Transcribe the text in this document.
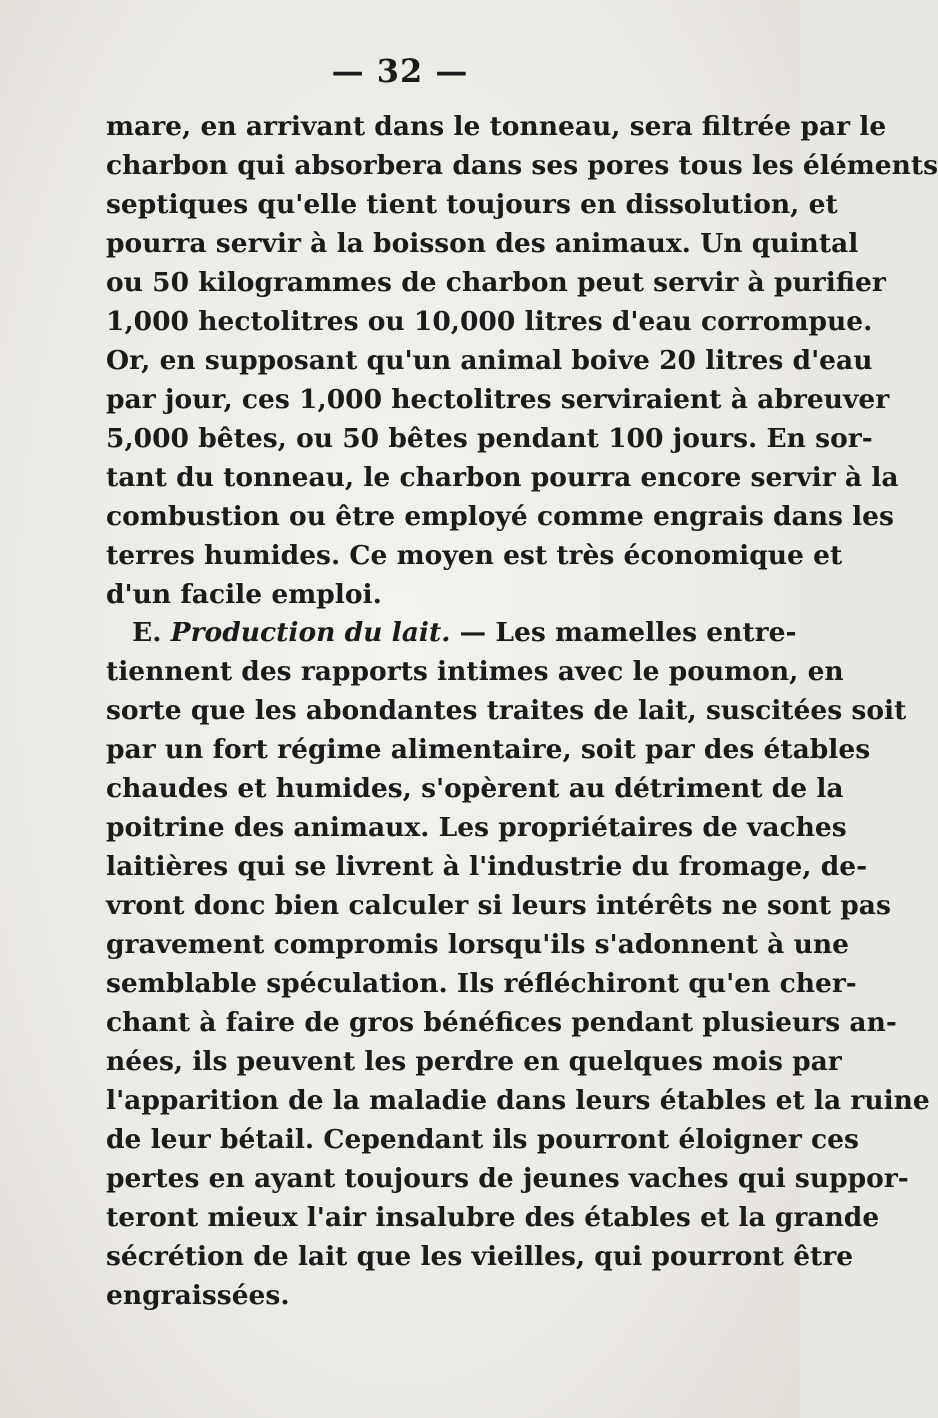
— 32 —
mare, en arrivant dans le tonneau, sera filtrée par le
charbon qui absorbera dans ses pores tous les éléments
septiques qu'elle tient toujours en dissolution, et
pourra servir à la boisson des animaux. Un quintal
ou 50 kilogrammes de charbon peut servir à purifier
1,000 hectolitres ou 10,000 litres d'eau corrompue.
Or, en supposant qu'un animal boive 20 litres d'eau
par jour, ces 1,000 hectolitres serviraient à abreuver
5,000 bêtes, ou 50 bêtes pendant 100 jours. En sor-
tant du tonneau, le charbon pourra encore servir à la
combustion ou être employé comme engrais dans les
terres humides. Ce moyen est très économique et
d'un facile emploi.
E. Production du lait. — Les mamelles entre-
tiennent des rapports intimes avec le poumon, en
sorte que les abondantes traites de lait, suscitées soit
par un fort régime alimentaire, soit par des étables
chaudes et humides, s'opèrent au détriment de la
poitrine des animaux. Les propriétaires de vaches
laitières qui se livrent à l'industrie du fromage, de-
vront donc bien calculer si leurs intérêts ne sont pas
gravement compromis lorsqu'ils s'adonnent à une
semblable spéculation. Ils réfléchiront qu'en cher-
chant à faire de gros bénéfices pendant plusieurs an-
nées, ils peuvent les perdre en quelques mois par
l'apparition de la maladie dans leurs étables et la ruine
de leur bétail. Cependant ils pourront éloigner ces
pertes en ayant toujours de jeunes vaches qui suppor-
teront mieux l'air insalubre des étables et la grande
sécrétion de lait que les vieilles, qui pourront être
engraissées.
